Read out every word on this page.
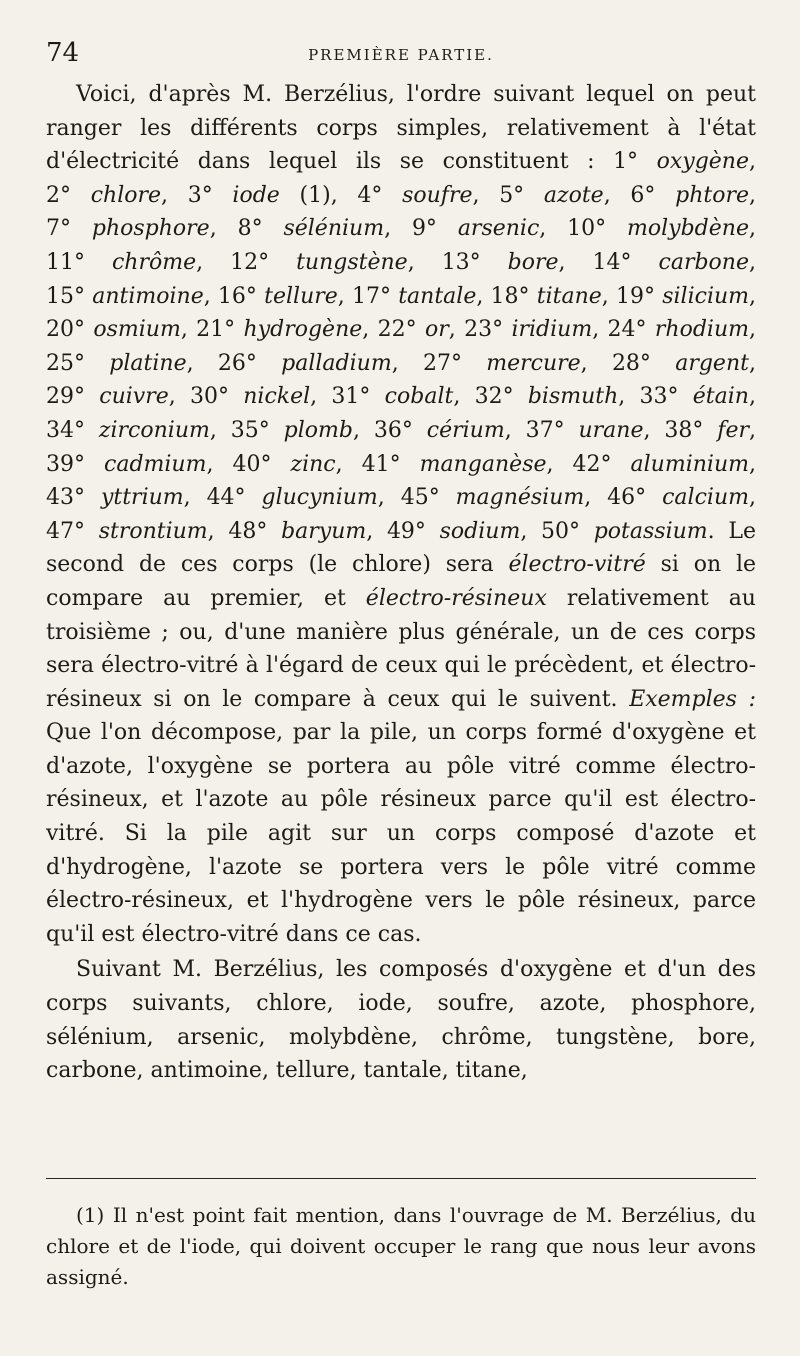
74	PREMIÈRE PARTIE.

Voici, d'après M. Berzélius, l'ordre suivant lequel on peut ranger les différents corps simples, relativement à l'état d'électricité dans lequel ils se constituent : 1° oxygène, 2° chlore, 3° iode (1), 4° soufre, 5° azote, 6° phtore, 7° phosphore, 8° sélénium, 9° arsenic, 10° molybdène, 11° chrôme, 12° tungstène, 13° bore, 14° carbone, 15° antimoine, 16° tellure, 17° tantale, 18° titane, 19° silicium, 20° osmium, 21° hydrogène, 22° or, 23° iridium, 24° rhodium, 25° platine, 26° palladium, 27° mercure, 28° argent, 29° cuivre, 30° nickel, 31° cobalt, 32° bismuth, 33° étain, 34° zirconium, 35° plomb, 36° cérium, 37° urane, 38° fer, 39° cadmium, 40° zinc, 41° manganèse, 42° aluminium, 43° yttrium, 44° glucynium, 45° magnésium, 46° calcium, 47° strontium, 48° baryum, 49° sodium, 50° potassium. Le second de ces corps (le chlore) sera électro-vitré si on le compare au premier, et électro-résineux relativement au troisième ; ou, d'une manière plus générale, un de ces corps sera électro-vitré à l'égard de ceux qui le précèdent, et électro-résineux si on le compare à ceux qui le suivent. Exemples : Que l'on décompose, par la pile, un corps formé d'oxygène et d'azote, l'oxygène se portera au pôle vitré comme électro-résineux, et l'azote au pôle résineux parce qu'il est électro-vitré. Si la pile agit sur un corps composé d'azote et d'hydrogène, l'azote se portera vers le pôle vitré comme électro-résineux, et l'hydrogène vers le pôle résineux, parce qu'il est électro-vitré dans ce cas.

Suivant M. Berzélius, les composés d'oxygène et d'un des corps suivants, chlore, iode, soufre, azote, phosphore, sélénium, arsenic, molybdène, chrôme, tungstène, bore, carbone, antimoine, tellure, tantale, titane,

(1) Il n'est point fait mention, dans l'ouvrage de M. Berzélius, du chlore et de l'iode, qui doivent occuper le rang que nous leur avons assigné.
